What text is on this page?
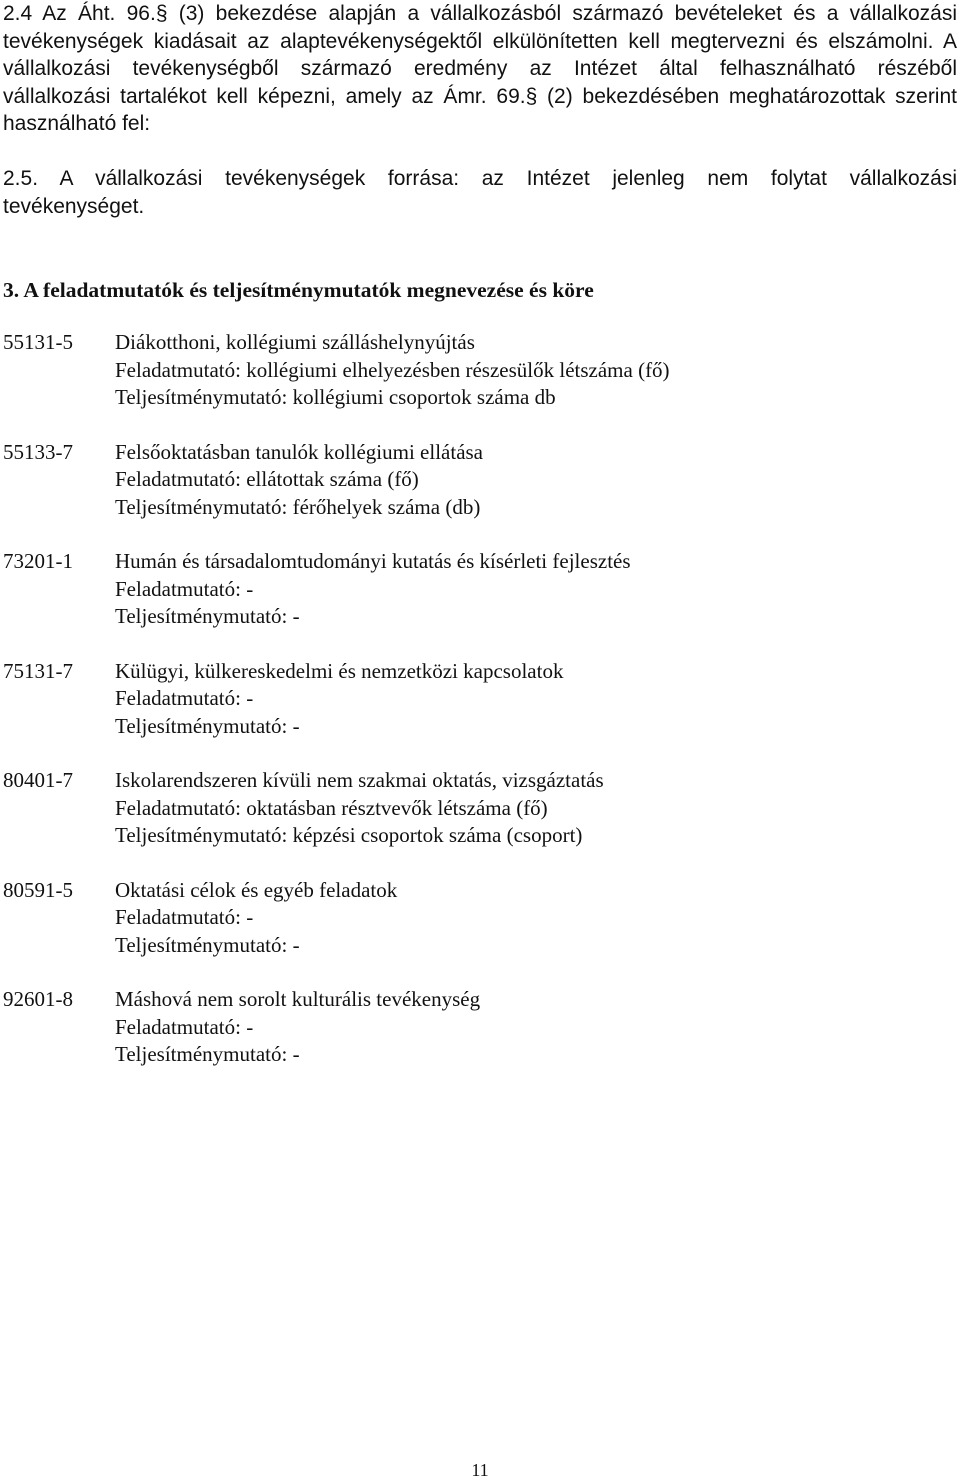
2.4 Az Áht. 96.§ (3) bekezdése alapján a vállalkozásból származó bevételeket és a vállalkozási
tevékenységek kiadásait az alaptevékenységektől elkülönítetten kell megtervezni és elszámolni. A
vállalkozási tevékenységből származó eredmény az Intézet által felhasználható részéből
vállalkozási tartalékot kell képezni, amely az Ámr. 69.§ (2) bekezdésében meghatározottak szerint
használható fel:
2.5. A vállalkozási tevékenységek forrása: az Intézet jelenleg nem folytat vállalkozási
tevékenységet.
3. A feladatmutatók és teljesítménymutatók megnevezése és köre
55131-5	Diákotthoni, kollégiumi szálláshelynyújtás
Feladatmutató: kollégiumi elhelyezésben részesülők létszáma (fő)
Teljesítménymutató: kollégiumi csoportok száma db
55133-7	Felsőoktatásban tanulók kollégiumi ellátása
Feladatmutató: ellátottak száma (fő)
Teljesítménymutató: férőhelyek száma (db)
73201-1	Humán és társadalomtudományi kutatás és kísérleti fejlesztés
Feladatmutató: -
Teljesítménymutató: -
75131-7	Külügyi, külkereskedelmi és nemzetközi kapcsolatok
Feladatmutató: -
Teljesítménymutató: -
80401-7	Iskolarendszeren kívüli nem szakmai oktatás, vizsgáztatás
Feladatmutató: oktatásban résztvevők létszáma (fő)
Teljesítménymutató: képzési csoportok száma (csoport)
80591-5	Oktatási célok és egyéb feladatok
Feladatmutató: -
Teljesítménymutató: -
92601-8	Máshová nem sorolt kulturális tevékenység
Feladatmutató: -
Teljesítménymutató: -
11
